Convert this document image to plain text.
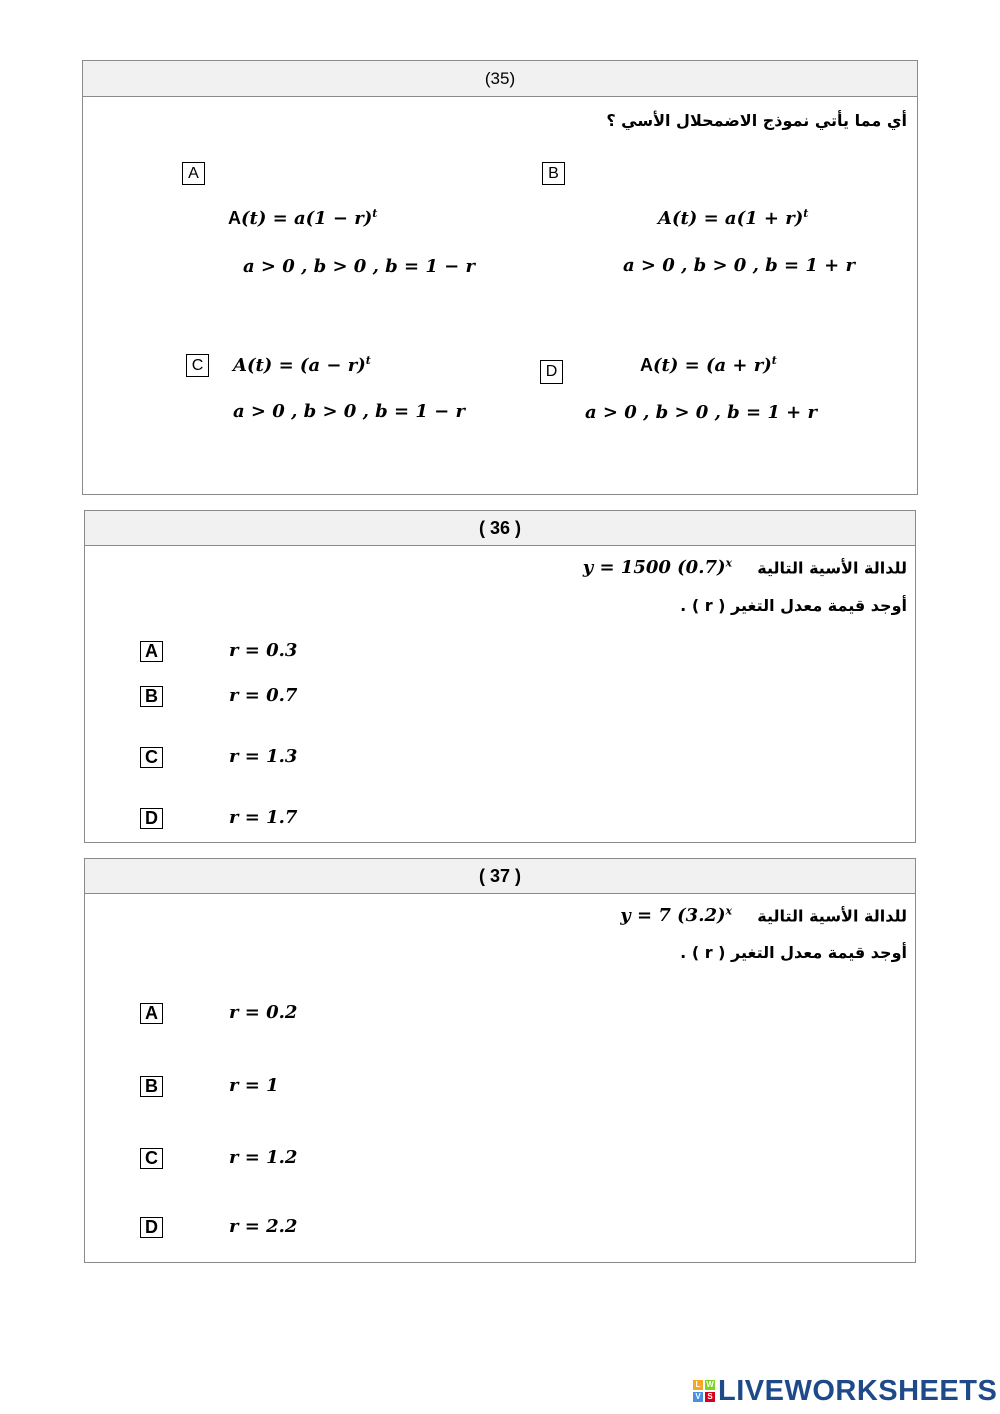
(35)
أي مما يأتي نموذج الاضمحلال الأسي ؟
A
$A(t) = a(1 - r)^t$
a > 0 , b > 0 , b = 1 − r
B
$A(t) = a(1 + r)^t$
a > 0 , b > 0 , b = 1 + r
C	$A(t) = (a - r)^t$
a > 0 , b > 0 , b = 1 − r
D	$A(t) = (a + r)^t$
a > 0 , b > 0 , b = 1 + r
( 36 )
للدالة الأسية التالية  y = 1500 $(0.7)^x$
أوجد قيمة معدل التغير ( r ) .
A	r = 0.3
B	r = 0.7
C	r = 1.3
D	r = 1.7
( 37 )
للدالة الأسية التالية  y = 7 $(3.2)^x$
أوجد قيمة معدل التغير ( r ) .
A	r = 0.2
B	r = 1
C	r = 1.2
D	r = 2.2
L W
V S LIVEWORKSHEETS
